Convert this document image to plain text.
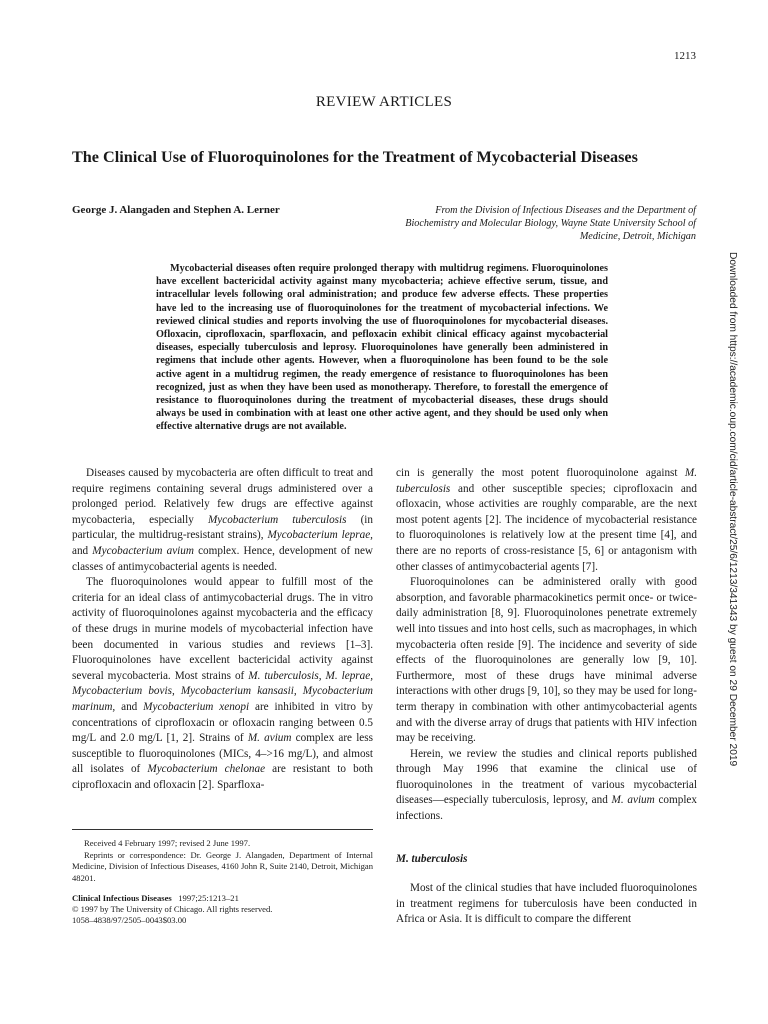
1213
REVIEW ARTICLES
The Clinical Use of Fluoroquinolones for the Treatment of Mycobacterial Diseases
George J. Alangaden and Stephen A. Lerner	From the Division of Infectious Diseases and the Department of Biochemistry and Molecular Biology, Wayne State University School of Medicine, Detroit, Michigan

Mycobacterial diseases often require prolonged therapy with multidrug regimens. Fluoroquinolones have excellent bactericidal activity against many mycobacteria; achieve effective serum, tissue, and intracellular levels following oral administration; and produce few adverse effects. These properties have led to the increasing use of fluoroquinolones for the treatment of mycobacterial infections. We reviewed clinical studies and reports involving the use of fluoroquinolones for mycobacterial diseases. Ofloxacin, ciprofloxacin, sparfloxacin, and pefloxacin exhibit clinical efficacy against mycobacterial diseases, especially tuberculosis and leprosy. Fluoroquinolones have generally been administered in regimens that include other agents. However, when a fluoroquinolone has been found to be the sole active agent in a multidrug regimen, the ready emergence of resistance to fluoroquinolones has been recognized, just as when they have been used as monotherapy. Therefore, to forestall the emergence of resistance to fluoroquinolones during the treatment of mycobacterial diseases, these drugs should always be used in combination with at least one other active agent, and they should be used only when effective alternative drugs are not available.

Diseases caused by mycobacteria are often difficult to treat and require regimens containing several drugs administered over a prolonged period. Relatively few drugs are effective against mycobacteria, especially Mycobacterium tuberculosis (in particular, the multidrug-resistant strains), Mycobacterium leprae, and Mycobacterium avium complex. Hence, development of new classes of antimycobacterial agents is needed.

The fluoroquinolones would appear to fulfill most of the criteria for an ideal class of antimycobacterial drugs. The in vitro activity of fluoroquinolones against mycobacteria and the efficacy of these drugs in murine models of mycobacterial infection have been documented in various studies and reviews [1–3]. Fluoroquinolones have excellent bactericidal activity against several mycobacteria. Most strains of M. tuberculosis, M. leprae, Mycobacterium bovis, Mycobacterium kansasii, Mycobacterium marinum, and Mycobacterium xenopi are inhibited in vitro by concentrations of ciprofloxacin or ofloxacin ranging between 0.5 mg/L and 2.0 mg/L [1, 2]. Strains of M. avium complex are less susceptible to fluoroquinolones (MICs, 4–>16 mg/L), and almost all isolates of Mycobacterium chelonae are resistant to both ciprofloxacin and ofloxacin [2]. Sparfloxa-

cin is generally the most potent fluoroquinolone against M. tuberculosis and other susceptible species; ciprofloxacin and ofloxacin, whose activities are roughly comparable, are the next most potent agents [2]. The incidence of mycobacterial resistance to fluoroquinolones is relatively low at the present time [4], and there are no reports of cross-resistance [5, 6] or antagonism with other classes of antimycobacterial agents [7].

Fluoroquinolones can be administered orally with good absorption, and favorable pharmacokinetics permit once- or twice-daily administration [8, 9]. Fluoroquinolones penetrate extremely well into tissues and into host cells, such as macrophages, in which mycobacteria often reside [9]. The incidence and severity of side effects of the fluoroquinolones are generally low [9, 10]. Furthermore, most of these drugs have minimal adverse interactions with other drugs [9, 10], so they may be used for long-term therapy in combination with other antimycobacterial agents and with the diverse array of drugs that patients with HIV infection may be receiving.

Herein, we review the studies and clinical reports published through May 1996 that examine the clinical use of fluoroquinolones in the treatment of various mycobacterial diseases—especially tuberculosis, leprosy, and M. avium complex infections.

M. tuberculosis

Most of the clinical studies that have included fluoroquinolones in treatment regimens for tuberculosis have been conducted in Africa or Asia. It is difficult to compare the different

Received 4 February 1997; revised 2 June 1997.

Reprints or correspondence: Dr. George J. Alangaden, Department of Internal Medicine, Division of Infectious Diseases, 4160 John R, Suite 2140, Detroit, Michigan 48201.

Clinical Infectious Diseases 1997;25:1213–21
© 1997 by The University of Chicago. All rights reserved.
1058–4838/97/2505–0043$03.00
Downloaded from https://academic.oup.com/cid/article-abstract/25/6/1213/341343 by guest on 29 December 2019
